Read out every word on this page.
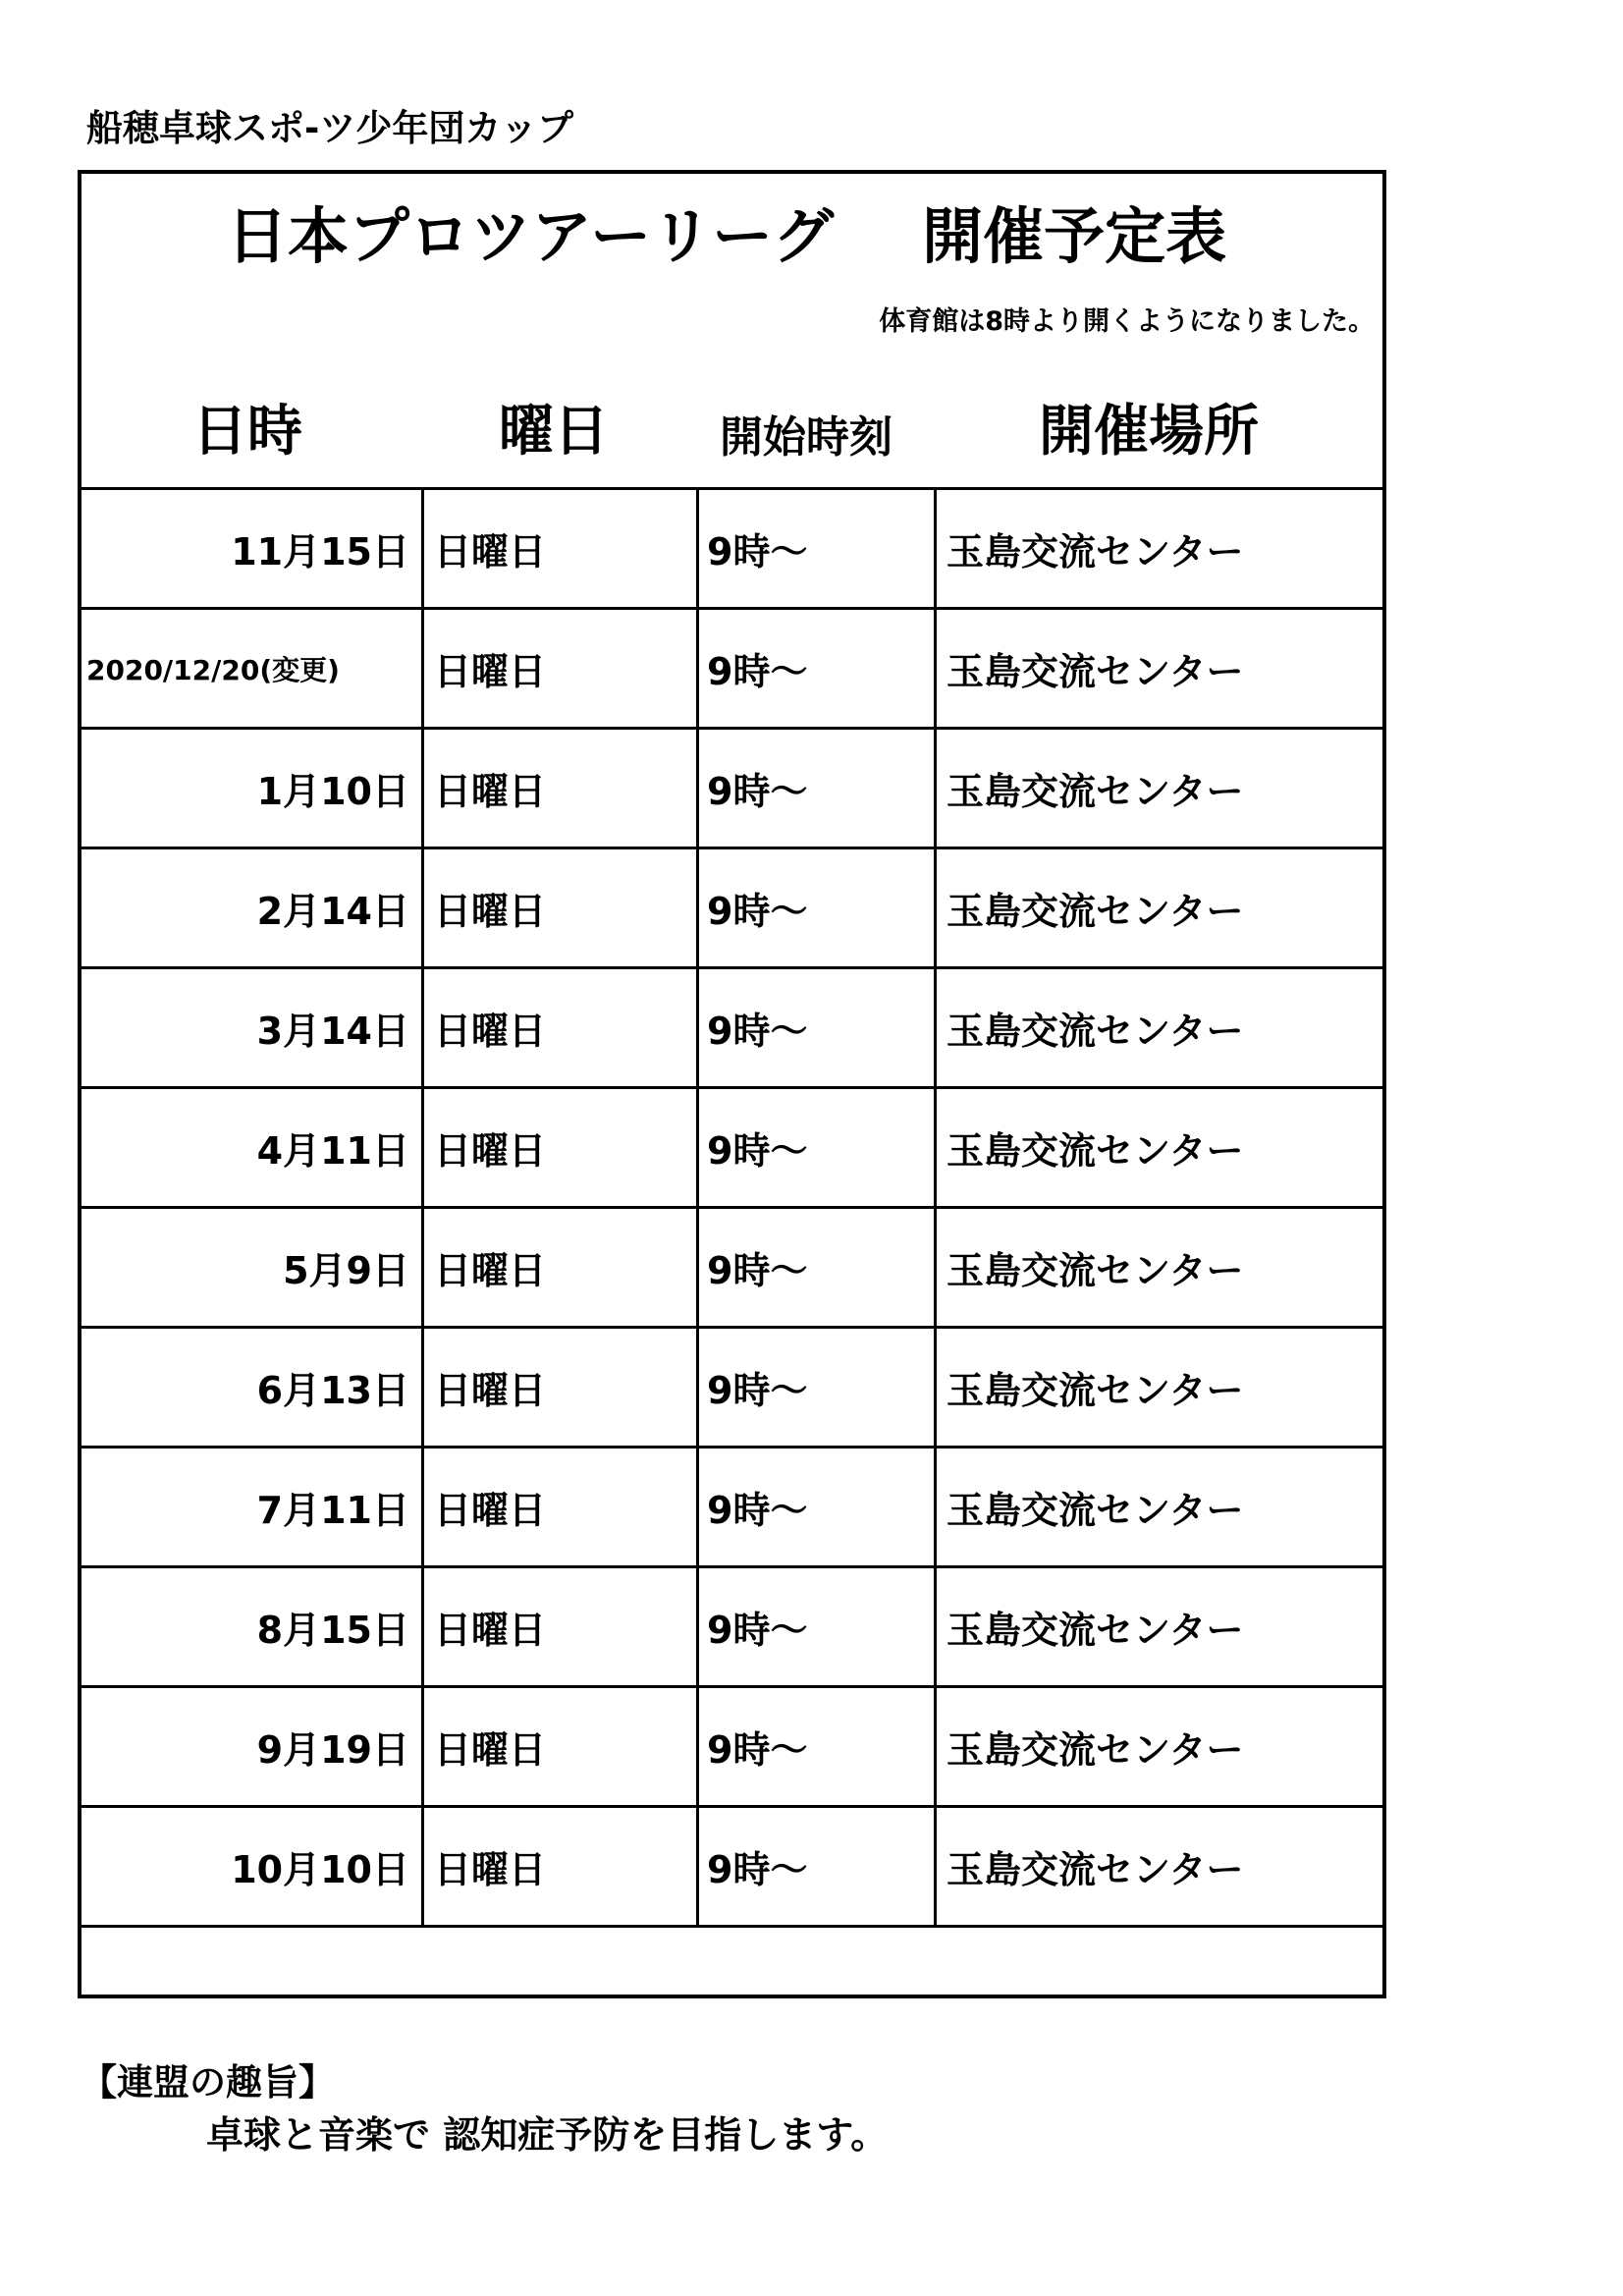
船穂卓球スポ-ツ少年団カップ
日本プロツアーリーグ 開催予定表
体育館は8時より開くようになりました。
日時	曜日	開始時刻	開催場所
11月15日	日曜日	9時～	玉島交流センター
2020/12/20(変更)	日曜日	9時～	玉島交流センター
1月10日	日曜日	9時～	玉島交流センター
2月14日	日曜日	9時～	玉島交流センター
3月14日	日曜日	9時～	玉島交流センター
4月11日	日曜日	9時～	玉島交流センター
5月9日	日曜日	9時～	玉島交流センター
6月13日	日曜日	9時～	玉島交流センター
7月11日	日曜日	9時～	玉島交流センター
8月15日	日曜日	9時～	玉島交流センター
9月19日	日曜日	9時～	玉島交流センター
10月10日	日曜日	9時～	玉島交流センター
【連盟の趣旨】
卓球と音楽で 認知症予防を目指します。
